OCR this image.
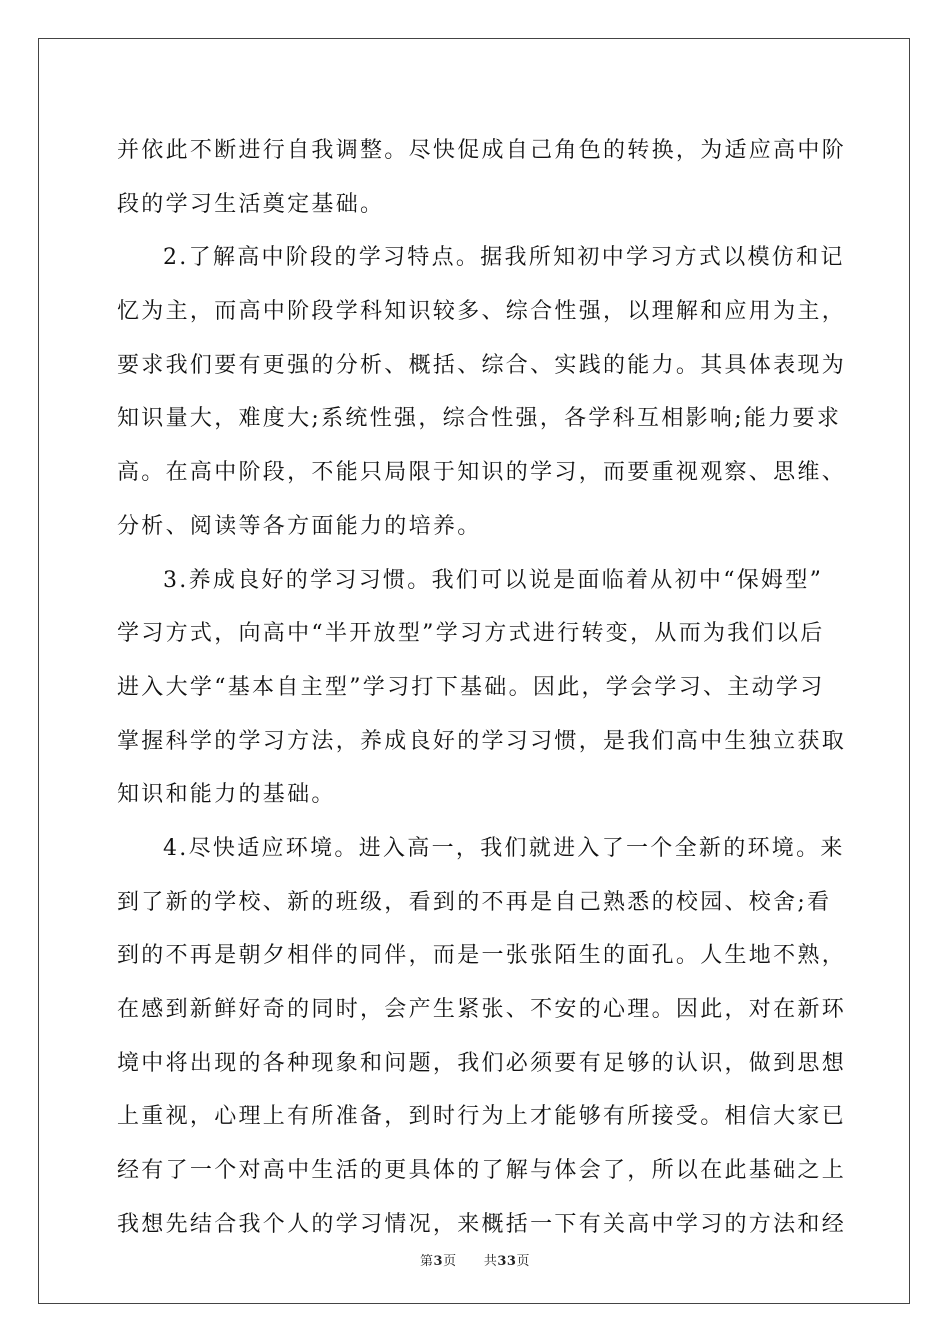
并依此不断进行自我调整。尽快促成自己角色的转换，为适应高中阶
段的学习生活奠定基础。
2.了解高中阶段的学习特点。据我所知初中学习方式以模仿和记
忆为主，而高中阶段学科知识较多、综合性强，以理解和应用为主，
要求我们要有更强的分析、概括、综合、实践的能力。其具体表现为
知识量大，难度大;系统性强，综合性强，各学科互相影响;能力要求
高。在高中阶段，不能只局限于知识的学习，而要重视观察、思维、
分析、阅读等各方面能力的培养。
3.养成良好的学习习惯。我们可以说是面临着从初中“保姆型”
学习方式，向高中“半开放型”学习方式进行转变，从而为我们以后
进入大学“基本自主型”学习打下基础。因此，学会学习、主动学习
掌握科学的学习方法，养成良好的学习习惯，是我们高中生独立获取
知识和能力的基础。
4.尽快适应环境。进入高一，我们就进入了一个全新的环境。来
到了新的学校、新的班级，看到的不再是自己熟悉的校园、校舍;看
到的不再是朝夕相伴的同伴，而是一张张陌生的面孔。人生地不熟，
在感到新鲜好奇的同时，会产生紧张、不安的心理。因此，对在新环
境中将出现的各种现象和问题，我们必须要有足够的认识，做到思想
上重视，心理上有所准备，到时行为上才能够有所接受。相信大家已
经有了一个对高中生活的更具体的了解与体会了，所以在此基础之上
我想先结合我个人的学习情况，来概括一下有关高中学习的方法和经
第3页 共33页
